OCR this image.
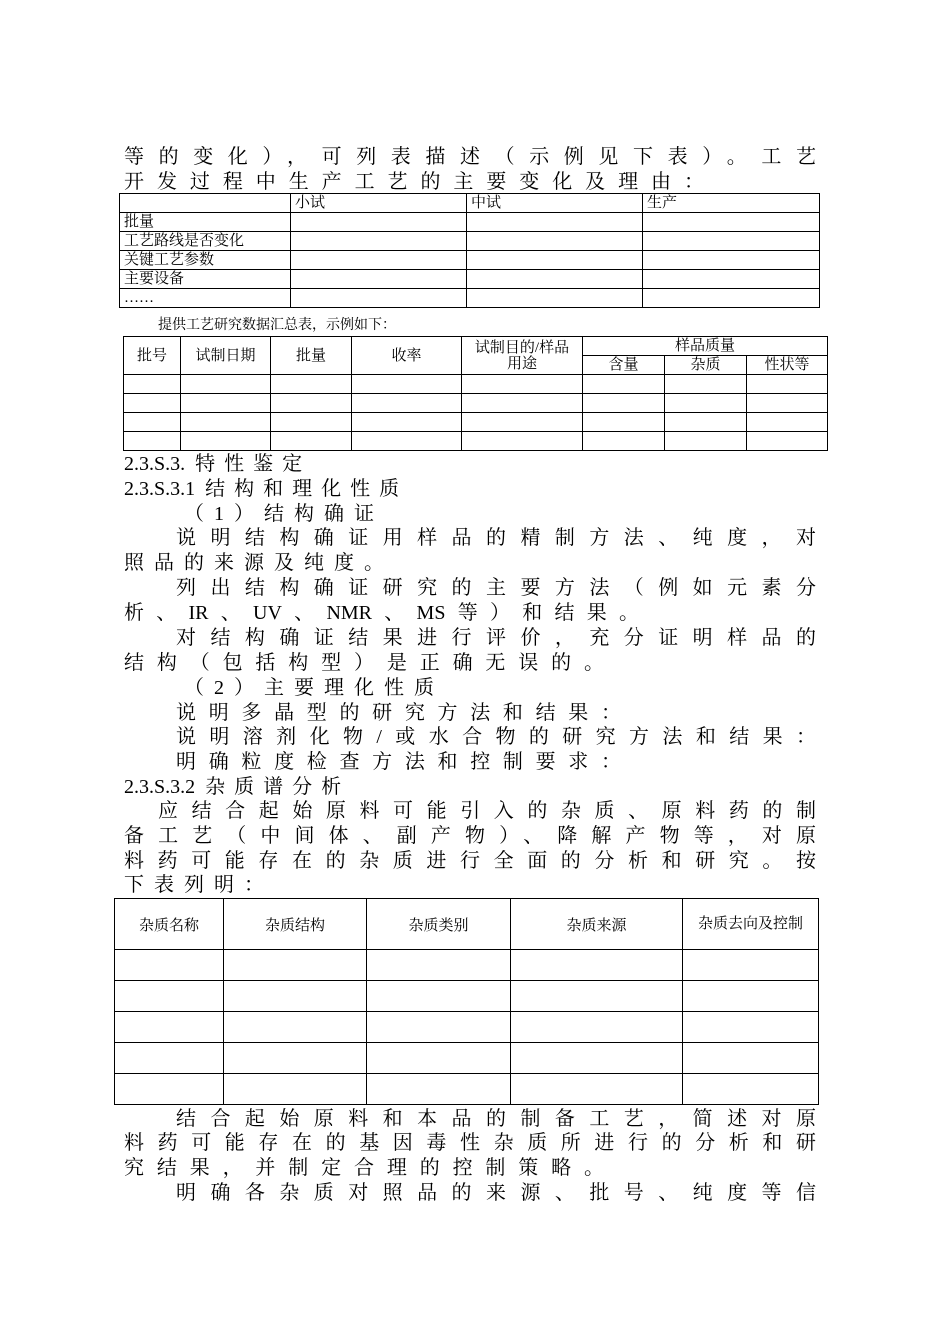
等的变化），可列表描述（示例见下表）。工艺
开发过程中生产工艺的主要变化及理由：
	小试	中试	生产
批量			
工艺路线是否变化			
关键工艺参数			
主要设备			
……			
提供工艺研究数据汇总表，示例如下：
批号	试制日期	批量	收率	试制目的/样品用途	样品质量		
					含量	杂质	性状等

2.3.S.3. 特性鉴定
2.3.S.3.1 结构和理化性质
（1）结构确证
说明结构确证用样品的精制方法、纯度，对
照品的来源及纯度。
列出结构确证研究的主要方法（例如元素分
析、IR、UV、NMR、MS等）和结果。
对结构确证结果进行评价，充分证明样品的
结构（包括构型）是正确无误的。
（2）主要理化性质
说明多晶型的研究方法和结果：
说明溶剂化物/或水合物的研究方法和结果：
明确粒度检查方法和控制要求：
2.3.S.3.2 杂质谱分析
应结合起始原料可能引入的杂质、原料药的制
备工艺（中间体、副产物）、降解产物等，对原
料药可能存在的杂质进行全面的分析和研究。按
下表列明：
杂质名称	杂质结构	杂质类别	杂质来源	杂质去向及控制

结合起始原料和本品的制备工艺，简述对原
料药可能存在的基因毒性杂质所进行的分析和研
究结果，并制定合理的控制策略。
明确各杂质对照品的来源、批号、纯度等信
